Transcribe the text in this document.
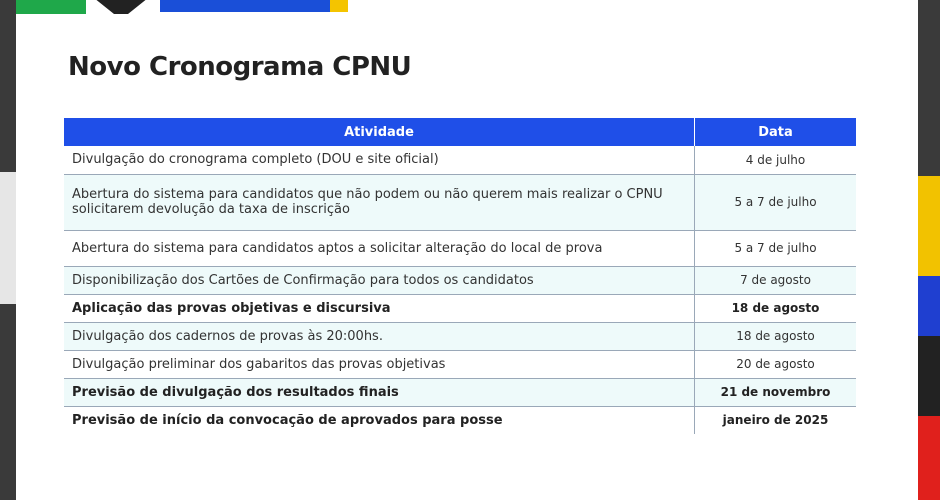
Novo Cronograma CPNU
Atividade	Data
Divulgação do cronograma completo (DOU e site oficial)	4 de julho
Abertura do sistema para candidatos que não podem ou não querem mais realizar o CPNU solicitarem devolução da taxa de inscrição	5 a 7 de julho
Abertura do sistema para candidatos aptos a solicitar alteração do local de prova	5 a 7 de julho
Disponibilização dos Cartões de Confirmação para todos os candidatos	7 de agosto
Aplicação das provas objetivas e discursiva	18 de agosto
Divulgação dos cadernos de provas às 20:00hs.	18 de agosto
Divulgação preliminar dos gabaritos das provas objetivas	20 de agosto
Previsão de divulgação dos resultados finais	21 de novembro
Previsão de início da convocação de aprovados para posse	janeiro de 2025
